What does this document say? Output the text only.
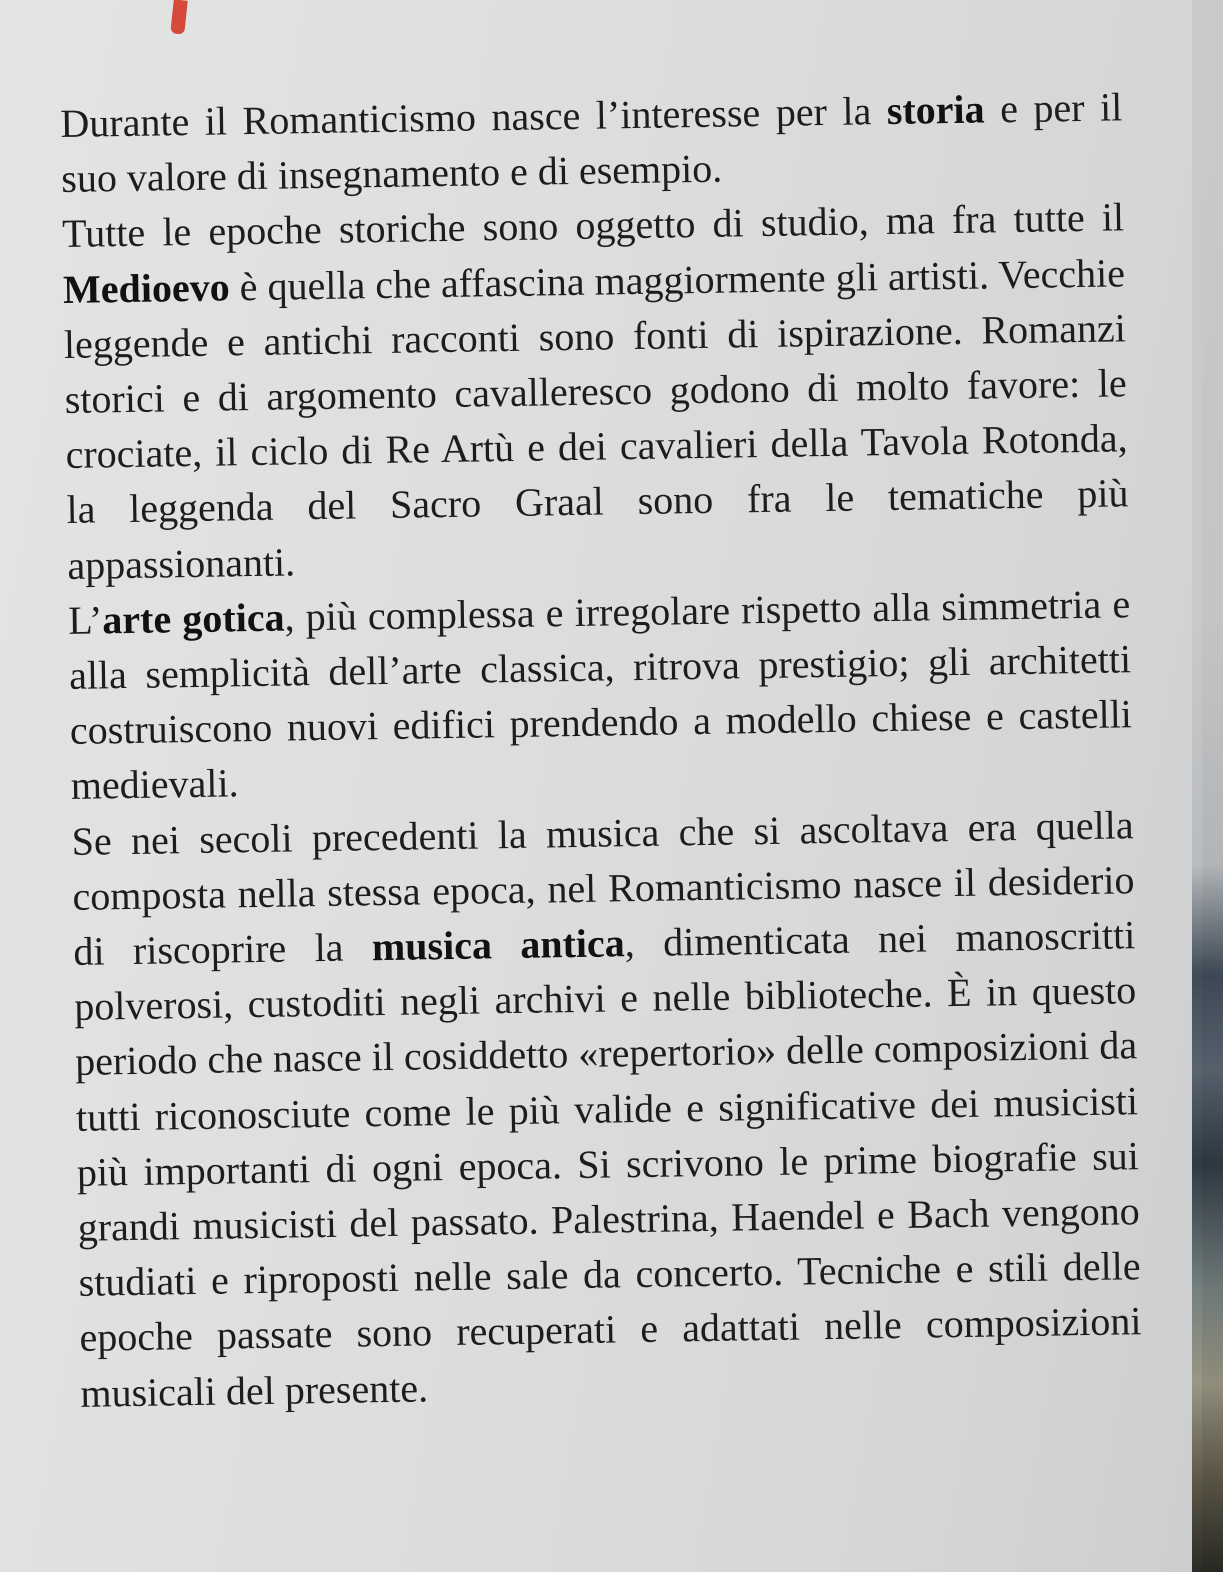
Durante il Romanticismo nasce l’interesse per la storia e per il suo valore di insegnamento e di esempio.

Tutte le epoche storiche sono oggetto di studio, ma fra tutte il Medioevo è quella che affascina maggiormente gli artisti. Vecchie leggende e antichi racconti sono fonti di ispirazione. Romanzi storici e di argomento cavalleresco godono di molto favore: le crociate, il ciclo di Re Artù e dei cavalieri della Tavola Rotonda, la leggenda del Sacro Graal sono fra le tematiche più appassionanti.

L’arte gotica, più complessa e irregolare rispetto alla simmetria e alla semplicità dell’arte classica, ritrova prestigio; gli architetti costruiscono nuovi edifici prendendo a modello chiese e castelli medievali.

Se nei secoli precedenti la musica che si ascoltava era quella composta nella stessa epoca, nel Romanticismo nasce il desiderio di riscoprire la musica antica, dimenticata nei manoscritti polverosi, custoditi negli archivi e nelle biblioteche. È in questo periodo che nasce il cosiddetto «repertorio» delle composizioni da tutti riconosciute come le più valide e significative dei musicisti più importanti di ogni epoca. Si scrivono le prime biografie sui grandi musicisti del passato. Palestrina, Haendel e Bach vengono studiati e riproposti nelle sale da concerto. Tecniche e stili delle epoche passate sono recuperati e adattati nelle composizioni musicali del presente.
